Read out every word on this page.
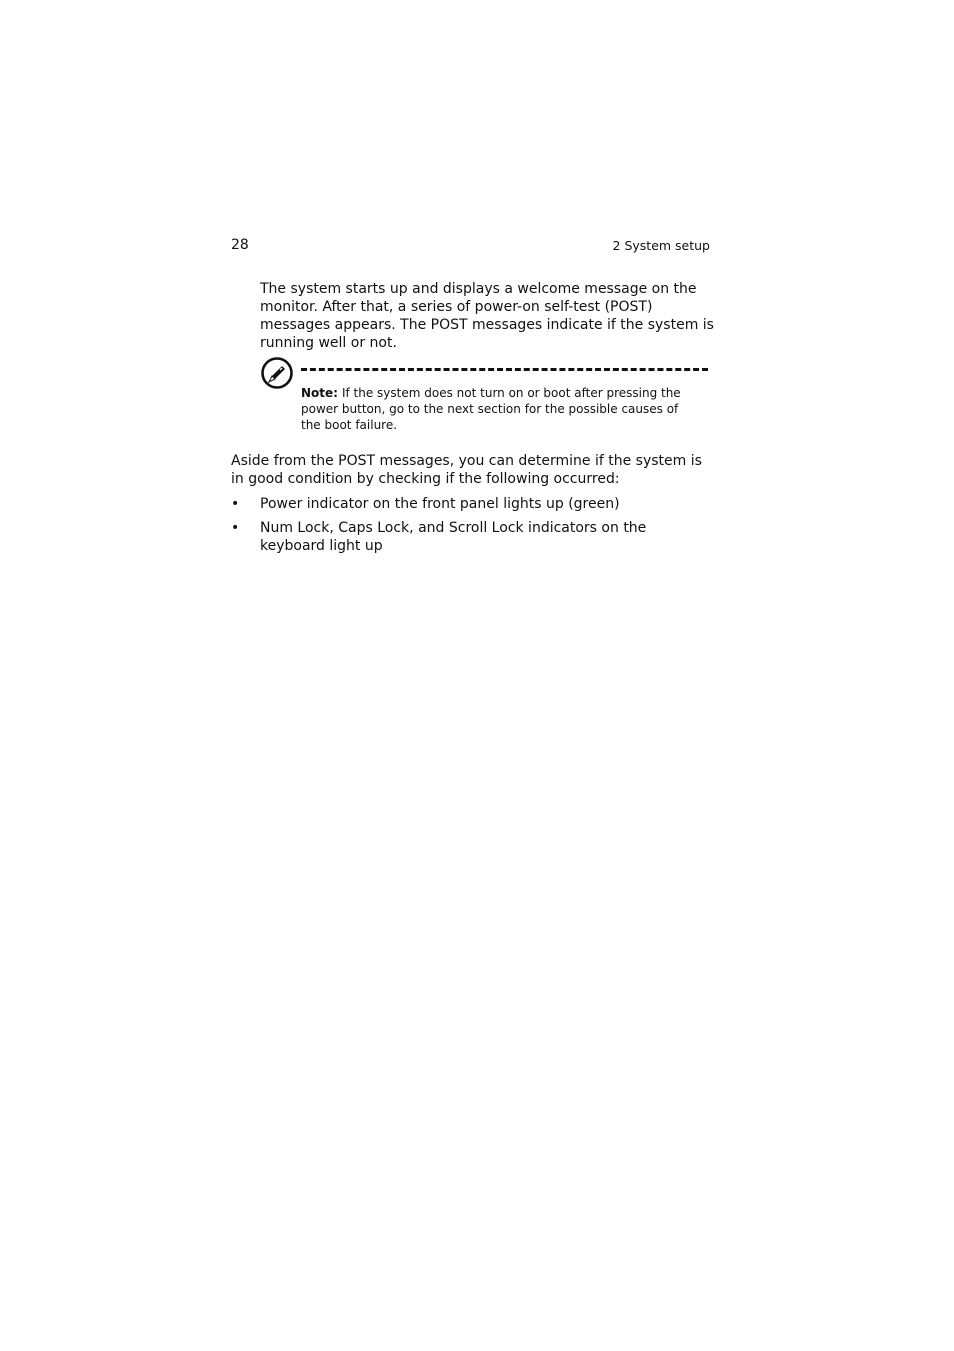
28	2 System setup

The system starts up and displays a welcome message on the monitor. After that, a series of power-on self-test (POST) messages appears. The POST messages indicate if the system is running well or not.

Note: If the system does not turn on or boot after pressing the power button, go to the next section for the possible causes of the boot failure.

Aside from the POST messages, you can determine if the system is in good condition by checking if the following occurred:

• Power indicator on the front panel lights up (green)
• Num Lock, Caps Lock, and Scroll Lock indicators on the keyboard light up
